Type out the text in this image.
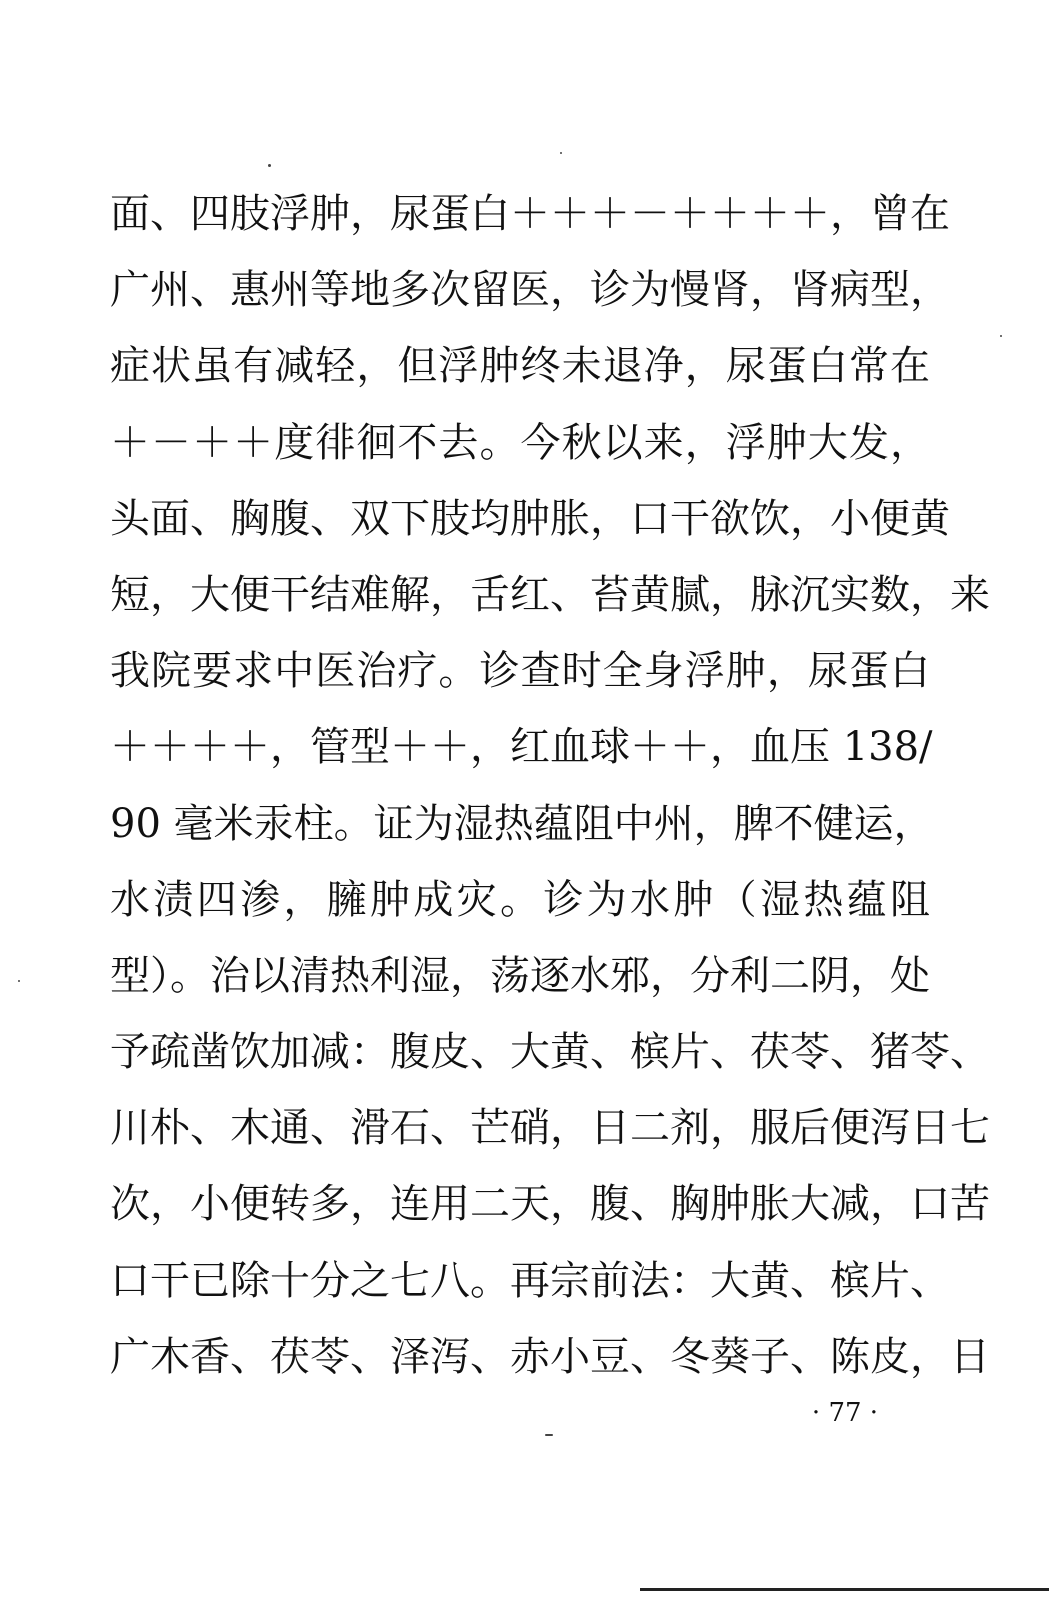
面、四肢浮肿，尿蛋白＋＋＋－＋＋＋＋，曾在
广州、惠州等地多次留医，诊为慢肾，肾病型，
症状虽有减轻，但浮肿终未退净，尿蛋白常在
＋－＋＋度徘徊不去。今秋以来，浮肿大发，
头面、胸腹、双下肢均肿胀，口干欲饮，小便黄
短，大便干结难解，舌红、苔黄腻，脉沉实数，来
我院要求中医治疗。诊查时全身浮肿，尿蛋白
＋＋＋＋，管型＋＋，红血球＋＋，血压 138/
90 毫米汞柱。证为湿热蕴阻中州，脾不健运，
水渍四渗，臃肿成灾。诊为水肿（湿热蕴阻
型）。治以清热利湿，荡逐水邪，分利二阴，处
予疏凿饮加减：腹皮、大黄、槟片、茯苓、猪苓、
川朴、木通、滑石、芒硝，日二剂，服后便泻日七
次，小便转多，连用二天，腹、胸肿胀大减，口苦
口干已除十分之七八。再宗前法：大黄、槟片、
广木香、茯苓、泽泻、赤小豆、冬葵子、陈皮，日
· 77 ·
